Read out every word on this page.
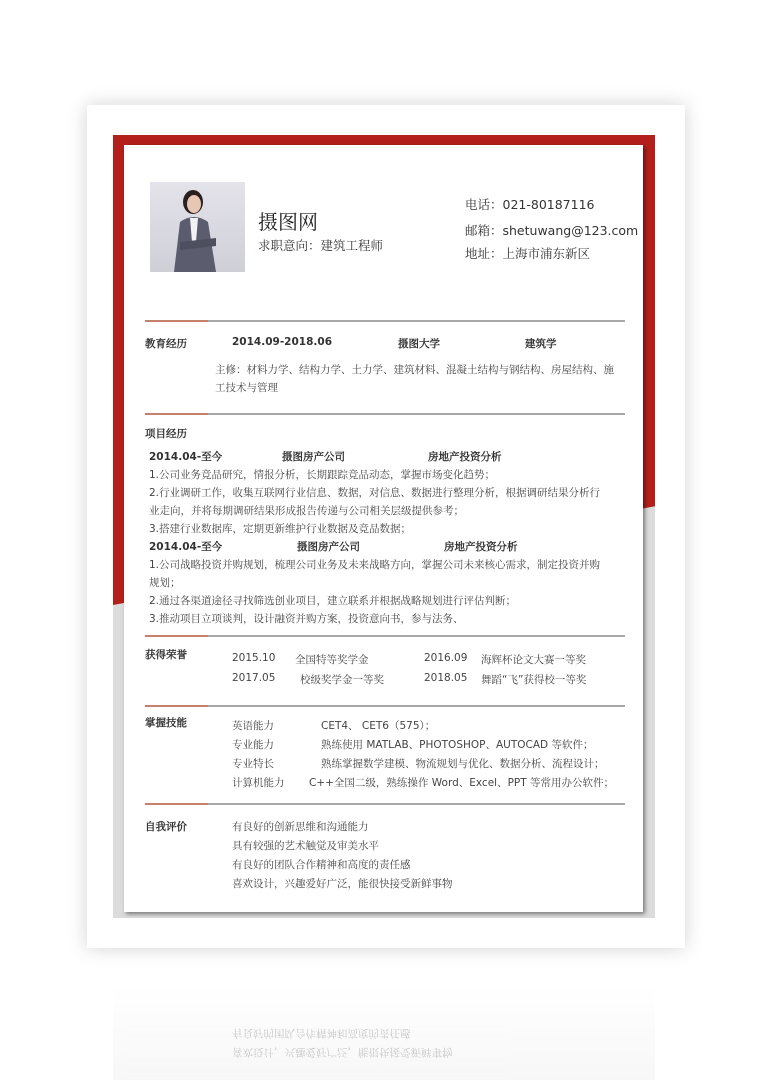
摄图网
求职意向：建筑工程师
电话：021-80187116
邮箱：shetuwang@123.com
地址：上海市浦东新区
教育经历	2014.09-2018.06	摄图大学	建筑学
主修：材料力学、结构力学、土力学、建筑材料、混凝土结构与钢结构、房屋结构、施
工技术与管理
项目经历
获得荣誉
掌握技能
自我评价
喜欢设计，兴趣爱好广泛，能很快接受新鲜事物
有良好的团队合作精神和高度的责任感
2014.04-至今	摄图房产公司	房地产投资分析
1.公司业务竞品研究，情报分析，长期跟踪竞品动态，掌握市场变化趋势；
2.行业调研工作，收集互联网行业信息、数据，对信息、数据进行整理分析，根据调研结果分析行
业走向，并将每期调研结果形成报告传递与公司相关层级提供参考；
3.搭建行业数据库，定期更新维护行业数据及竞品数据；
2014.04-至今	摄图房产公司	房地产投资分析
1.公司战略投资并购规划，梳理公司业务及未来战略方向，掌握公司未来核心需求，制定投资并购
规划；
2.通过各渠道途径寻找筛选创业项目，建立联系并根据战略规划进行评估判断；
3.推动项目立项谈判，设计融资并购方案，投资意向书，参与法务、
2015.10 全国特等奖学金	2016.09 海辉杯论文大赛一等奖
2017.05 校级奖学金一等奖	2018.05 舞蹈“飞”获得校一等奖
英语能力	CET4、 CET6（575）；
专业能力	熟练使用 MATLAB、PHOTOSHOP、AUTOCAD 等软件；
专业特长	熟练掌握数学建模、物流规划与优化、数据分析、流程设计；
计算机能力 C++全国二级，熟练操作 Word、Excel、PPT 等常用办公软件；
有良好的创新思维和沟通能力
具有较强的艺术触觉及审美水平
有良好的团队合作精神和高度的责任感
喜欢设计，兴趣爱好广泛，能很快接受新鲜事物
